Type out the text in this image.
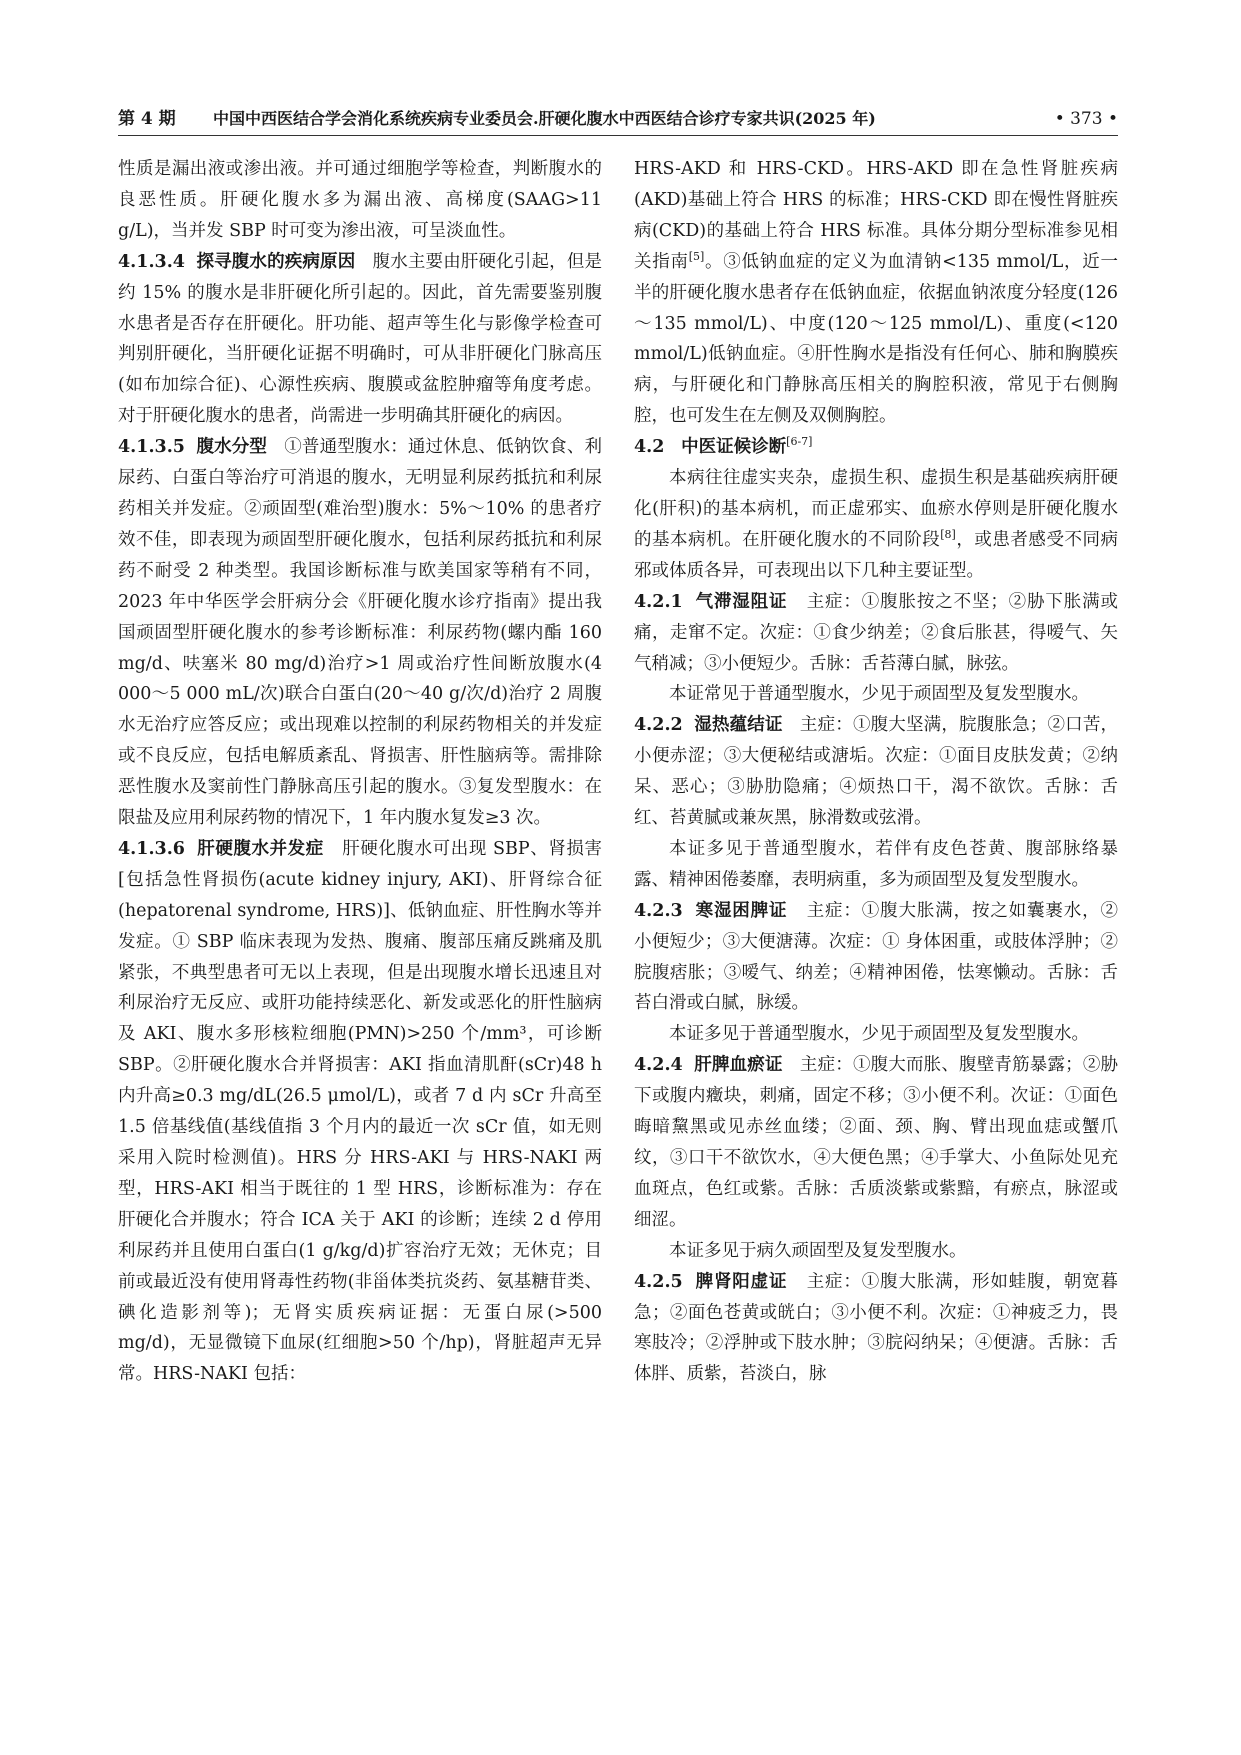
第 4 期 中国中西医结合学会消化系统疾病专业委员会.肝硬化腹水中西医结合诊疗专家共识(2025 年)	• 373 •

性质是漏出液或渗出液。并可通过细胞学等检查，判断腹水的良恶性质。肝硬化腹水多为漏出液、高梯度(SAAG>11 g/L)，当并发 SBP 时可变为渗出液，可呈淡血性。

4.1.3.4 探寻腹水的疾病原因 腹水主要由肝硬化引起，但是约 15% 的腹水是非肝硬化所引起的。因此，首先需要鉴别腹水患者是否存在肝硬化。肝功能、超声等生化与影像学检查可判别肝硬化，当肝硬化证据不明确时，可从非肝硬化门脉高压(如布加综合征)、心源性疾病、腹膜或盆腔肿瘤等角度考虑。对于肝硬化腹水的患者，尚需进一步明确其肝硬化的病因。

4.1.3.5 腹水分型 ①普通型腹水：通过休息、低钠饮食、利尿药、白蛋白等治疗可消退的腹水，无明显利尿药抵抗和利尿药相关并发症。②顽固型(难治型)腹水：5%～10% 的患者疗效不佳，即表现为顽固型肝硬化腹水，包括利尿药抵抗和利尿药不耐受 2 种类型。我国诊断标准与欧美国家等稍有不同，2023 年中华医学会肝病分会《肝硬化腹水诊疗指南》提出我国顽固型肝硬化腹水的参考诊断标准：利尿药物(螺内酯 160 mg/d、呋塞米 80 mg/d)治疗>1 周或治疗性间断放腹水(4 000～5 000 mL/次)联合白蛋白(20～40 g/次/d)治疗 2 周腹水无治疗应答反应；或出现难以控制的利尿药物相关的并发症或不良反应，包括电解质紊乱、肾损害、肝性脑病等。需排除恶性腹水及窦前性门静脉高压引起的腹水。③复发型腹水：在限盐及应用利尿药物的情况下，1 年内腹水复发≥3 次。

4.1.3.6 肝硬腹水并发症 肝硬化腹水可出现 SBP、肾损害[包括急性肾损伤(acute kidney injury, AKI)、肝肾综合征(hepatorenal syndrome, HRS)]、低钠血症、肝性胸水等并发症。① SBP 临床表现为发热、腹痛、腹部压痛反跳痛及肌紧张，不典型患者可无以上表现，但是出现腹水增长迅速且对利尿治疗无反应、或肝功能持续恶化、新发或恶化的肝性脑病及 AKI、腹水多形核粒细胞(PMN)>250 个/mm³，可诊断 SBP。②肝硬化腹水合并肾损害：AKI 指血清肌酐(sCr)48 h 内升高≥0.3 mg/dL(26.5 μmol/L)，或者 7 d 内 sCr 升高至 1.5 倍基线值(基线值指 3 个月内的最近一次 sCr 值，如无则采用入院时检测值)。HRS 分 HRS-AKI 与 HRS-NAKI 两型，HRS-AKI 相当于既往的 1 型 HRS，诊断标准为：存在肝硬化合并腹水；符合 ICA 关于 AKI 的诊断；连续 2 d 停用利尿药并且使用白蛋白(1 g/kg/d)扩容治疗无效；无休克；目前或最近没有使用肾毒性药物(非甾体类抗炎药、氨基糖苷类、碘化造影剂等)；无肾实质疾病证据：无蛋白尿(>500 mg/d)，无显微镜下血尿(红细胞>50 个/hp)，肾脏超声无异常。HRS-NAKI 包括：

HRS-AKD 和 HRS-CKD。HRS-AKD 即在急性肾脏疾病(AKD)基础上符合 HRS 的标准；HRS-CKD 即在慢性肾脏疾病(CKD)的基础上符合 HRS 标准。具体分期分型标准参见相关指南[5]。③低钠血症的定义为血清钠<135 mmol/L，近一半的肝硬化腹水患者存在低钠血症，依据血钠浓度分轻度(126～135 mmol/L)、中度(120～125 mmol/L)、重度(<120 mmol/L)低钠血症。④肝性胸水是指没有任何心、肺和胸膜疾病，与肝硬化和门静脉高压相关的胸腔积液，常见于右侧胸腔，也可发生在左侧及双侧胸腔。

4.2 中医证候诊断[6-7]

本病往往虚实夹杂，虚损生积、虚损生积是基础疾病肝硬化(肝积)的基本病机，而正虚邪实、血瘀水停则是肝硬化腹水的基本病机。在肝硬化腹水的不同阶段[8]，或患者感受不同病邪或体质各异，可表现出以下几种主要证型。

4.2.1 气滞湿阻证 主症：①腹胀按之不坚；②胁下胀满或痛，走窜不定。次症：①食少纳差；②食后胀甚，得嗳气、矢气稍减；③小便短少。舌脉：舌苔薄白腻，脉弦。

本证常见于普通型腹水，少见于顽固型及复发型腹水。

4.2.2 湿热蕴结证 主症：①腹大坚满，脘腹胀急；②口苦，小便赤涩；③大便秘结或溏垢。次症：①面目皮肤发黄；②纳呆、恶心；③胁肋隐痛；④烦热口干，渴不欲饮。舌脉：舌红、苔黄腻或兼灰黑，脉滑数或弦滑。

本证多见于普通型腹水，若伴有皮色苍黄、腹部脉络暴露、精神困倦萎靡，表明病重，多为顽固型及复发型腹水。

4.2.3 寒湿困脾证 主症：①腹大胀满，按之如囊裹水，② 小便短少；③大便溏薄。次症：① 身体困重，或肢体浮肿；②脘腹痞胀；③嗳气、纳差；④精神困倦，怯寒懒动。舌脉：舌苔白滑或白腻，脉缓。

本证多见于普通型腹水，少见于顽固型及复发型腹水。

4.2.4 肝脾血瘀证 主症：①腹大而胀、腹壁青筋暴露；②胁下或腹内癥块，刺痛，固定不移；③小便不利。次证：①面色晦暗黧黑或见赤丝血缕；②面、颈、胸、臂出现血痣或蟹爪纹，③口干不欲饮水，④大便色黑；④手掌大、小鱼际处见充血斑点，色红或紫。舌脉：舌质淡紫或紫黯，有瘀点，脉涩或细涩。

本证多见于病久顽固型及复发型腹水。

4.2.5 脾肾阳虚证 主症：①腹大胀满，形如蛙腹，朝宽暮急；②面色苍黄或㿠白；③小便不利。次症：①神疲乏力，畏寒肢冷；②浮肿或下肢水肿；③脘闷纳呆；④便溏。舌脉：舌体胖、质紫，苔淡白，脉
